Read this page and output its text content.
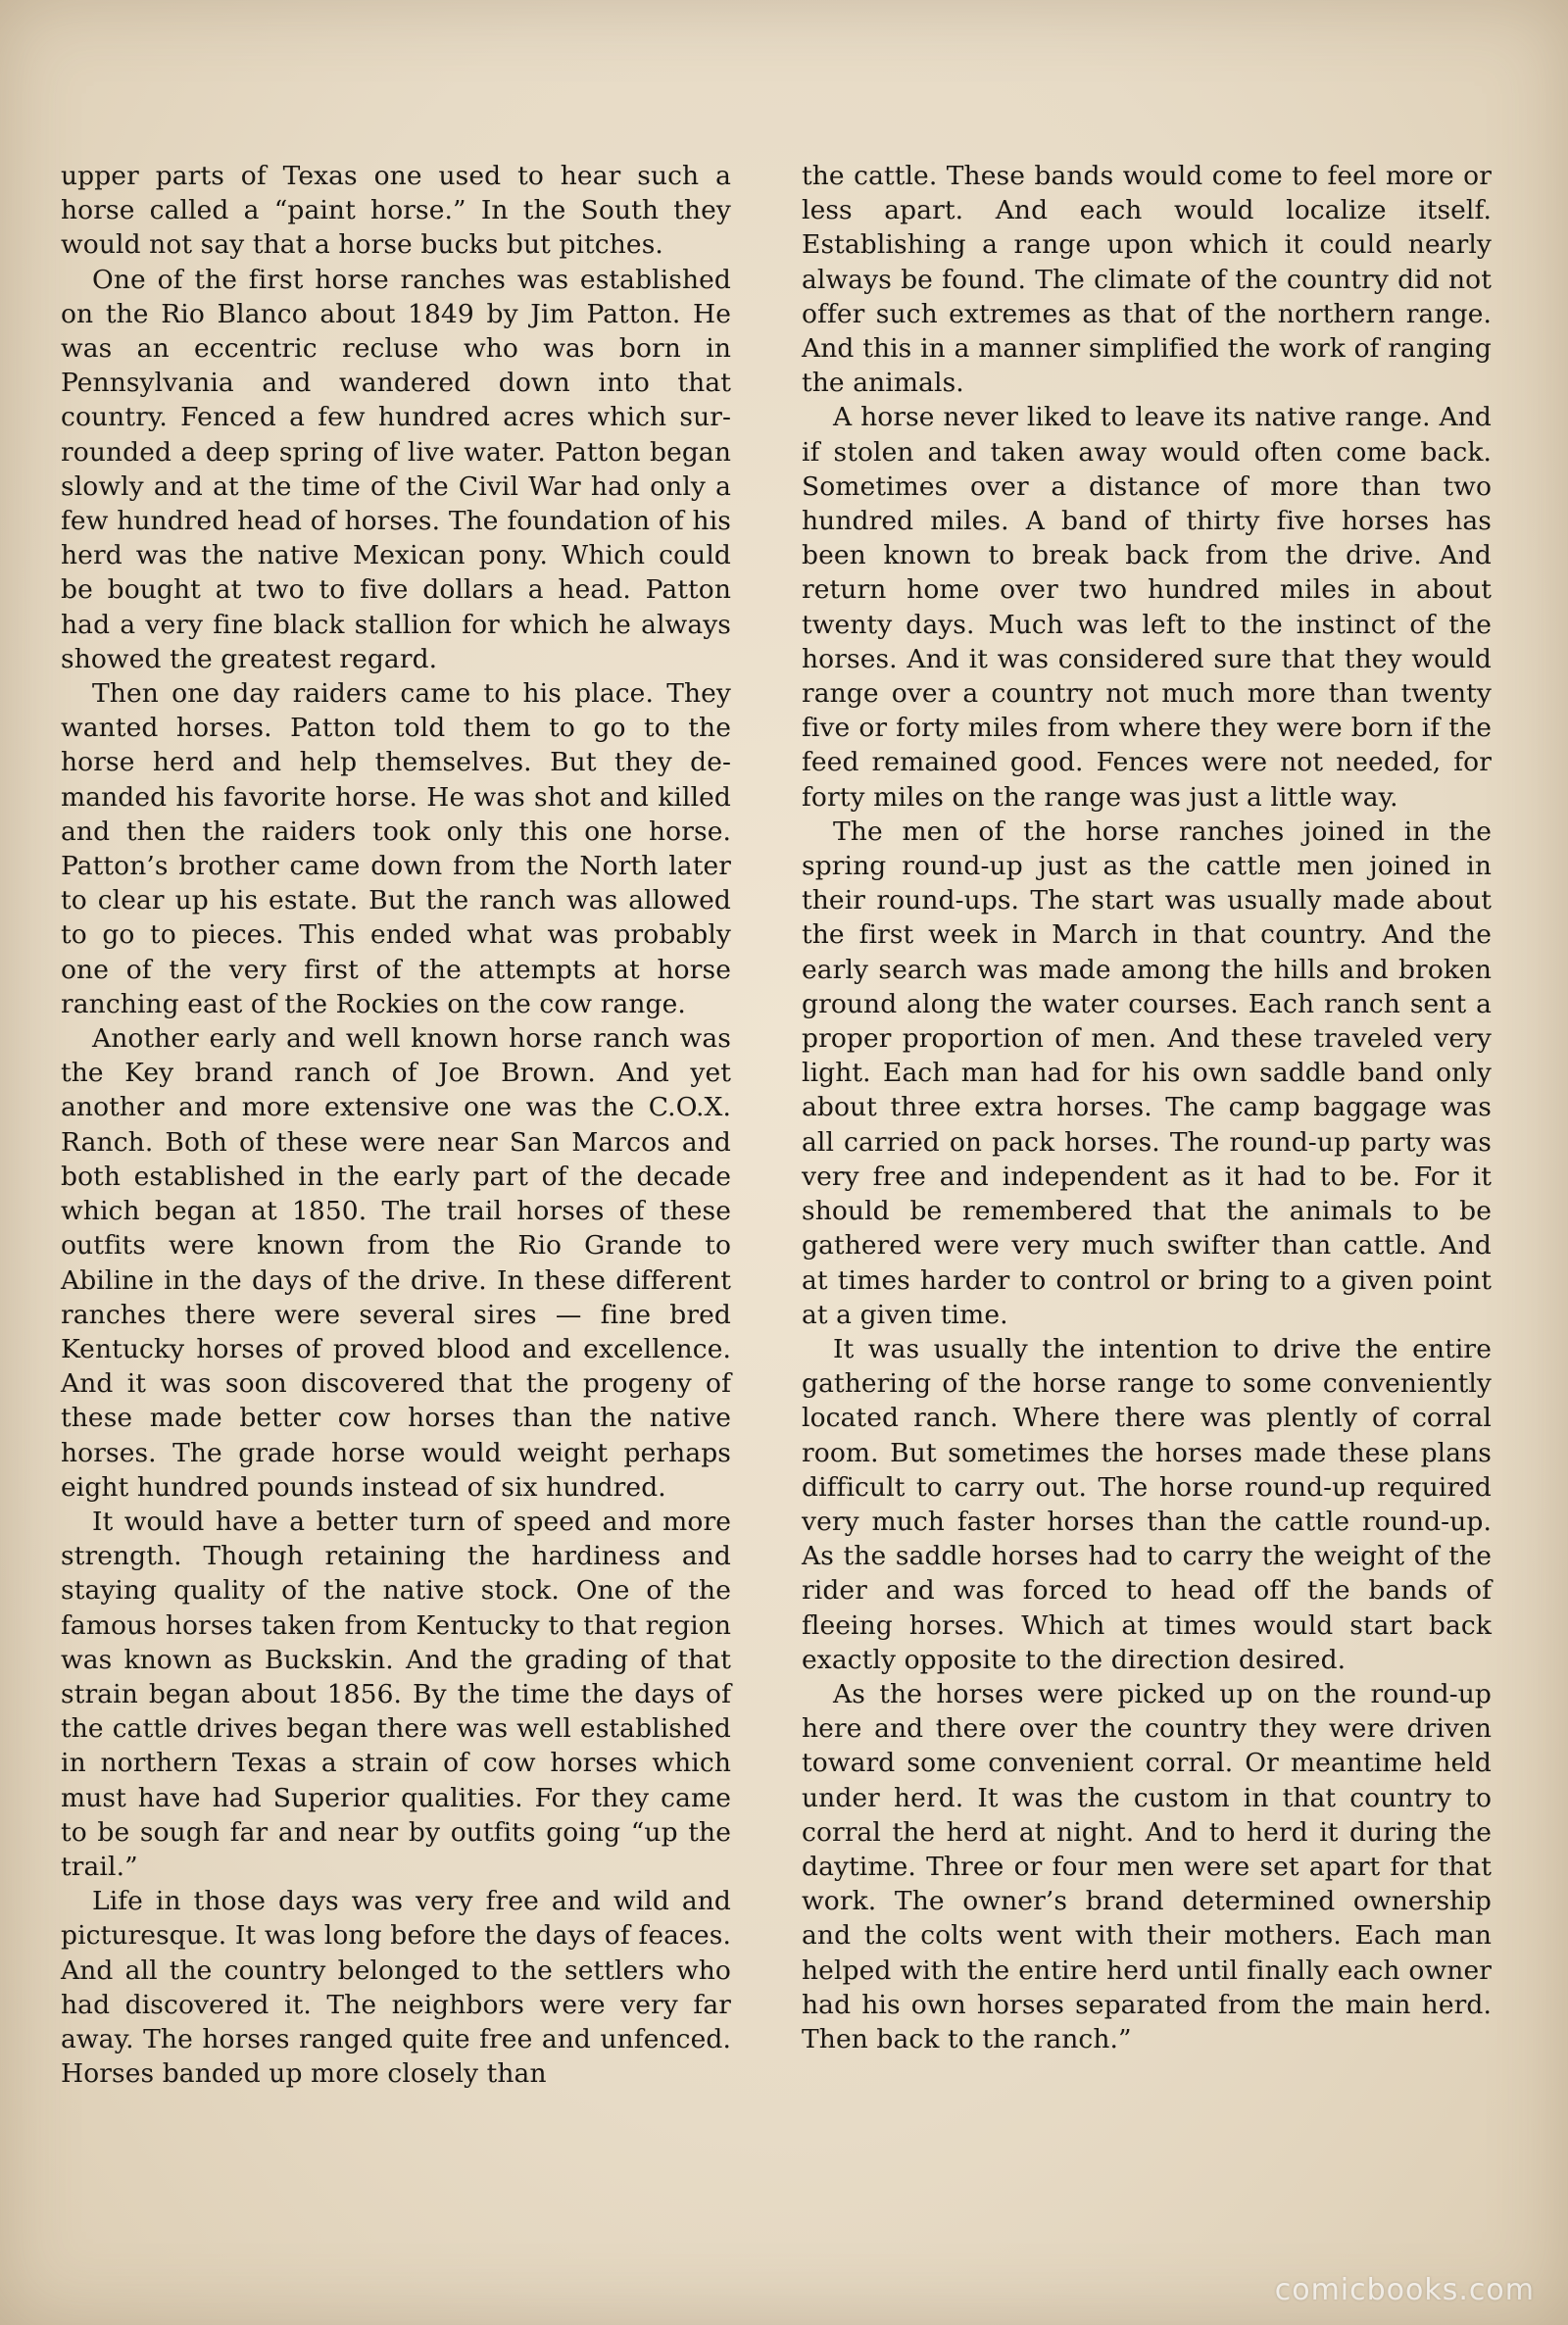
upper parts of Texas one used to hear such a horse called a “paint horse.” In the South they would not say that a horse bucks but pitches.

One of the first horse ranches was established on the Rio Blanco about 1849 by Jim Patton. He was an eccentric recluse who was born in Pennsylvania and wandered down into that country. Fenced a few hundred acres which surrounded a deep spring of live water. Patton began slowly and at the time of the Civil War had only a few hundred head of horses. The foundation of his herd was the native Mexican pony. Which could be bought at two to five dollars a head. Patton had a very fine black stallion for which he always showed the greatest regard.

Then one day raiders came to his place. They wanted horses. Patton told them to go to the horse herd and help themselves. But they demanded his favorite horse. He was shot and killed and then the raiders took only this one horse. Patton’s brother came down from the North later to clear up his estate. But the ranch was allowed to go to pieces. This ended what was probably one of the very first of the attempts at horse ranching east of the Rockies on the cow range.

Another early and well known horse ranch was the Key brand ranch of Joe Brown. And yet another and more extensive one was the C.O.X. Ranch. Both of these were near San Marcos and both established in the early part of the decade which began at 1850. The trail horses of these outfits were known from the Rio Grande to Abiline in the days of the drive. In these different ranches there were several sires — fine bred Kentucky horses of proved blood and excellence. And it was soon discovered that the progeny of these made better cow horses than the native horses. The grade horse would weight perhaps eight hundred pounds instead of six hundred.

It would have a better turn of speed and more strength. Though retaining the hardiness and staying quality of the native stock. One of the famous horses taken from Kentucky to that region was known as Buckskin. And the grading of that strain began about 1856. By the time the days of the cattle drives began there was well established in northern Texas a strain of cow horses which must have had Superior qualities. For they came to be sough far and near by outfits going “up the trail.”

Life in those days was very free and wild and picturesque. It was long before the days of feaces. And all the country belonged to the settlers who had discovered it. The neighbors were very far away. The horses ranged quite free and unfenced. Horses banded up more closely than

the cattle. These bands would come to feel more or less apart. And each would localize itself. Establishing a range upon which it could nearly always be found. The climate of the country did not offer such extremes as that of the northern range. And this in a manner simplified the work of ranging the animals.

A horse never liked to leave its native range. And if stolen and taken away would often come back. Sometimes over a distance of more than two hundred miles. A band of thirty five horses has been known to break back from the drive. And return home over two hundred miles in about twenty days. Much was left to the instinct of the horses. And it was considered sure that they would range over a country not much more than twenty five or forty miles from where they were born if the feed remained good. Fences were not needed, for forty miles on the range was just a little way.

The men of the horse ranches joined in the spring round-up just as the cattle men joined in their round-ups. The start was usually made about the first week in March in that country. And the early search was made among the hills and broken ground along the water courses. Each ranch sent a proper proportion of men. And these traveled very light. Each man had for his own saddle band only about three extra horses. The camp baggage was all carried on pack horses. The round-up party was very free and independent as it had to be. For it should be remembered that the animals to be gathered were very much swifter than cattle. And at times harder to control or bring to a given point at a given time.

It was usually the intention to drive the entire gathering of the horse range to some conveniently located ranch. Where there was plently of corral room. But sometimes the horses made these plans difficult to carry out. The horse round-up required very much faster horses than the cattle round-up. As the saddle horses had to carry the weight of the rider and was forced to head off the bands of fleeing horses. Which at times would start back exactly opposite to the direction desired.

As the horses were picked up on the round-up here and there over the country they were driven toward some convenient corral. Or meantime held under herd. It was the custom in that country to corral the herd at night. And to herd it during the daytime. Three or four men were set apart for that work. The owner’s brand determined ownership and the colts went with their mothers. Each man helped with the entire herd until finally each owner had his own horses separated from the main herd. Then back to the ranch.”

comicbooks.com
